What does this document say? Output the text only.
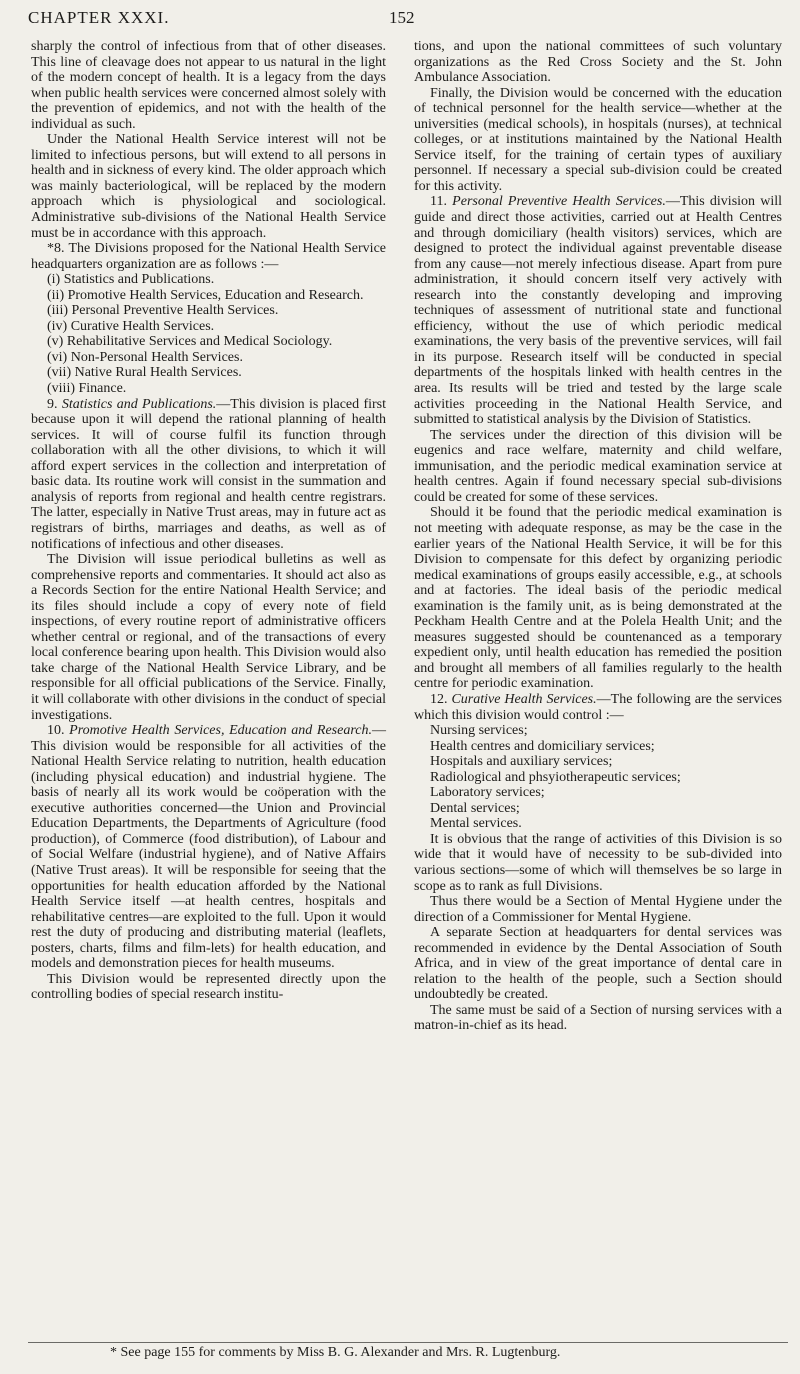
CHAPTER XXXI.	152

sharply the control of infectious from that of other diseases. This line of cleavage does not appear to us natural in the light of the modern concept of health. It is a legacy from the days when public health services were concerned almost solely with the prevention of epidemics, and not with the health of the individual as such.

Under the National Health Service interest will not be limited to infectious persons, but will extend to all persons in health and in sickness of every kind. The older approach which was mainly bacteriological, will be replaced by the modern approach which is physiological and sociological. Administrative sub-divisions of the National Health Service must be in accordance with this approach.

*8. The Divisions proposed for the National Health Service headquarters organization are as follows :—

(i) Statistics and Publications.
(ii) Promotive Health Services, Education and Research.
(iii) Personal Preventive Health Services.
(iv) Curative Health Services.
(v) Rehabilitative Services and Medical Sociology.
(vi) Non-Personal Health Services.
(vii) Native Rural Health Services.
(viii) Finance.

9. Statistics and Publications.—This division is placed first because upon it will depend the rational planning of health services. It will of course fulfil its function through collaboration with all the other divisions, to which it will afford expert services in the collection and interpretation of basic data. Its routine work will consist in the summation and analysis of reports from regional and health centre registrars. The latter, especially in Native Trust areas, may in future act as registrars of births, marriages and deaths, as well as of notifications of infectious and other diseases.

The Division will issue periodical bulletins as well as comprehensive reports and commentaries. It should act also as a Records Section for the entire National Health Service; and its files should include a copy of every note of field inspections, of every routine report of administrative officers whether central or regional, and of the transactions of every local conference bearing upon health. This Division would also take charge of the National Health Service Library, and be responsible for all official publications of the Service. Finally, it will collaborate with other divisions in the conduct of special investigations.

10. Promotive Health Services, Education and Research.—This division would be responsible for all activities of the National Health Service relating to nutrition, health education (including physical education) and industrial hygiene. The basis of nearly all its work would be coöperation with the executive authorities concerned—the Union and Provincial Education Departments, the Departments of Agriculture (food production), of Commerce (food distribution), of Labour and of Social Welfare (industrial hygiene), and of Native Affairs (Native Trust areas). It will be responsible for seeing that the opportunities for health education afforded by the National Health Service itself —at health centres, hospitals and rehabilitative centres—are exploited to the full. Upon it would rest the duty of producing and distributing material (leaflets, posters, charts, films and film-lets) for health education, and models and demonstration pieces for health museums.

This Division would be represented directly upon the controlling bodies of special research institu-

tions, and upon the national committees of such voluntary organizations as the Red Cross Society and the St. John Ambulance Association.

Finally, the Division would be concerned with the education of technical personnel for the health service—whether at the universities (medical schools), in hospitals (nurses), at technical colleges, or at institutions maintained by the National Health Service itself, for the training of certain types of auxiliary personnel. If necessary a special sub-division could be created for this activity.

11. Personal Preventive Health Services.—This division will guide and direct those activities, carried out at Health Centres and through domiciliary (health visitors) services, which are designed to protect the individual against preventable disease from any cause—not merely infectious disease. Apart from pure administration, it should concern itself very actively with research into the constantly developing and improving techniques of assessment of nutritional state and functional efficiency, without the use of which periodic medical examinations, the very basis of the preventive services, will fail in its purpose. Research itself will be conducted in special departments of the hospitals linked with health centres in the area. Its results will be tried and tested by the large scale activities proceeding in the National Health Service, and submitted to statistical analysis by the Division of Statistics.

The services under the direction of this division will be eugenics and race welfare, maternity and child welfare, immunisation, and the periodic medical examination service at health centres. Again if found necessary special sub-divisions could be created for some of these services.

Should it be found that the periodic medical examination is not meeting with adequate response, as may be the case in the earlier years of the National Health Service, it will be for this Division to compensate for this defect by organizing periodic medical examinations of groups easily accessible, e.g., at schools and at factories. The ideal basis of the periodic medical examination is the family unit, as is being demonstrated at the Peckham Health Centre and at the Polela Health Unit; and the measures suggested should be countenanced as a temporary expedient only, until health education has remedied the position and brought all members of all families regularly to the health centre for periodic examination.

12. Curative Health Services.—The following are the services which this division would control :—

Nursing services;
Health centres and domiciliary services;
Hospitals and auxiliary services;
Radiological and phsyiotherapeutic services;
Laboratory services;
Dental services;
Mental services.

It is obvious that the range of activities of this Division is so wide that it would have of necessity to be sub-divided into various sections—some of which will themselves be so large in scope as to rank as full Divisions.

Thus there would be a Section of Mental Hygiene under the direction of a Commissioner for Mental Hygiene.

A separate Section at headquarters for dental services was recommended in evidence by the Dental Association of South Africa, and in view of the great importance of dental care in relation to the health of the people, such a Section should undoubtedly be created.

The same must be said of a Section of nursing services with a matron-in-chief as its head.

* See page 155 for comments by Miss B. G. Alexander and Mrs. R. Lugtenburg.
